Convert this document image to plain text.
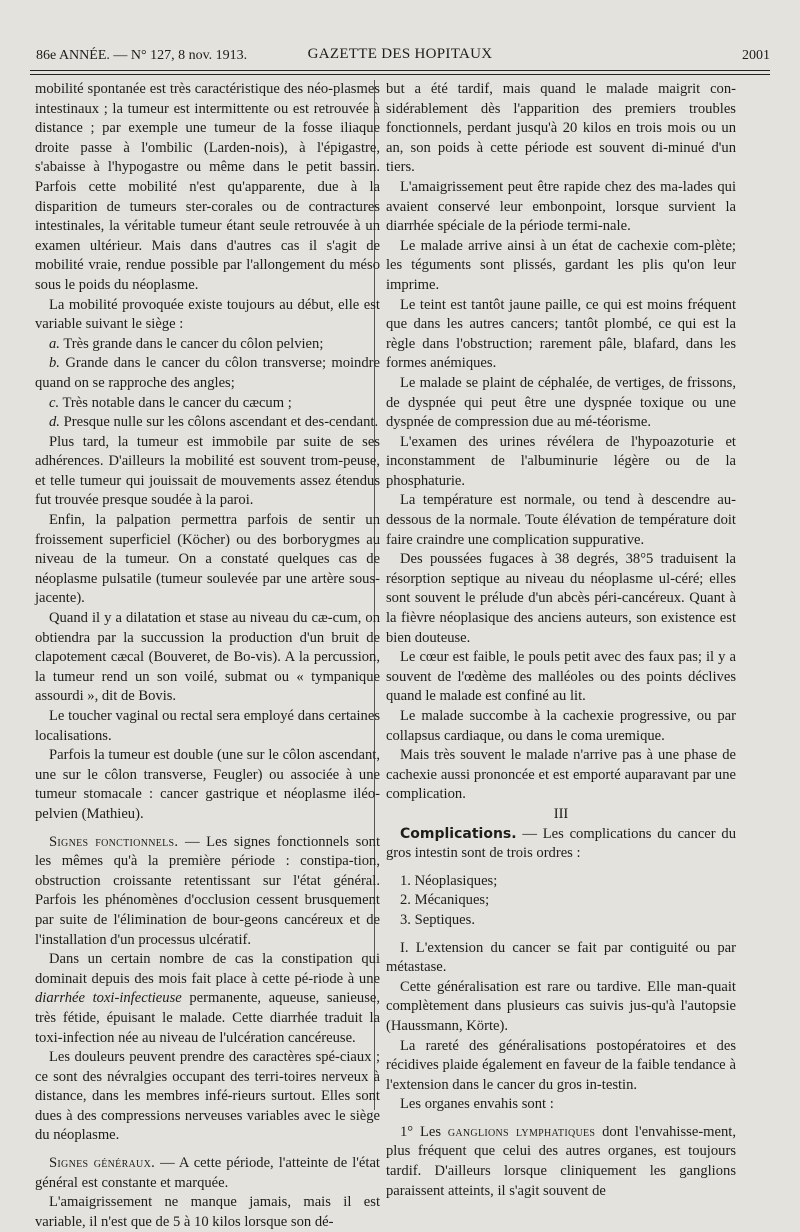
86e ANNÉE. — N° 127, 8 nov. 1913.	GAZETTE DES HOPITAUX	2001

mobilité spontanée est très caractéristique des néo-plasmes intestinaux ; la tumeur est intermittente ou est retrouvée à distance ; par exemple une tumeur de la fosse iliaque droite passe à l'ombilic (Larden-nois), à l'épigastre, s'abaisse à l'hypogastre ou même dans le petit bassin. Parfois cette mobilité n'est qu'apparente, due à la disparition de tumeurs ster-corales ou de contractures intestinales, la véritable tumeur étant seule retrouvée à un examen ultérieur. Mais dans d'autres cas il s'agit de mobilité vraie, rendue possible par l'allongement du méso sous le poids du néoplasme.

La mobilité provoquée existe toujours au début, elle est variable suivant le siège :

a. Très grande dans le cancer du côlon pelvien;

b. Grande dans le cancer du côlon transverse; moindre quand on se rapproche des angles;

c. Très notable dans le cancer du cæcum ;

d. Presque nulle sur les côlons ascendant et des-cendant.

Plus tard, la tumeur est immobile par suite de ses adhérences. D'ailleurs la mobilité est souvent trom-peuse, et telle tumeur qui jouissait de mouvements assez étendus fut trouvée presque soudée à la paroi.

Enfin, la palpation permettra parfois de sentir un froissement superficiel (Köcher) ou des borborygmes au niveau de la tumeur. On a constaté quelques cas de néoplasme pulsatile (tumeur soulevée par une artère sous-jacente).

Quand il y a dilatation et stase au niveau du cæ-cum, on obtiendra par la succussion la production d'un bruit de clapotement cæcal (Bouveret, de Bo-vis). A la percussion, la tumeur rend un son voilé, submat ou « tympanique assourdi », dit de Bovis.

Le toucher vaginal ou rectal sera employé dans certaines localisations.

Parfois la tumeur est double (une sur le côlon ascendant, une sur le côlon transverse, Feugler) ou associée à une tumeur stomacale : cancer gastrique et néoplasme iléo-pelvien (Mathieu).

Signes fonctionnels. — Les signes fonctionnels sont les mêmes qu'à la première période : constipa-tion, obstruction croissante retentissant sur l'état général. Parfois les phénomènes d'occlusion cessent brusquement par suite de l'élimination de bour-geons cancéreux et de l'installation d'un processus ulcératif.

Dans un certain nombre de cas la constipation qui dominait depuis des mois fait place à cette pé-riode à une diarrhée toxi-infectieuse permanente, aqueuse, sanieuse, très fétide, épuisant le malade. Cette diarrhée traduit la toxi-infection née au niveau de l'ulcération cancéreuse.

Les douleurs peuvent prendre des caractères spé-ciaux ; ce sont des névralgies occupant des terri-toires nerveux à distance, dans les membres infé-rieurs surtout. Elles sont dues à des compressions nerveuses variables avec le siège du néoplasme.

Signes généraux. — A cette période, l'atteinte de l'état général est constante et marquée.

L'amaigrissement ne manque jamais, mais il est variable, il n'est que de 5 à 10 kilos lorsque son dé-

but a été tardif, mais quand le malade maigrit con-sidérablement dès l'apparition des premiers troubles fonctionnels, perdant jusqu'à 20 kilos en trois mois ou un an, son poids à cette période est souvent di-minué d'un tiers.

L'amaigrissement peut être rapide chez des ma-lades qui avaient conservé leur embonpoint, lorsque survient la diarrhée spéciale de la période termi-nale.

Le malade arrive ainsi à un état de cachexie com-plète; les téguments sont plissés, gardant les plis qu'on leur imprime.

Le teint est tantôt jaune paille, ce qui est moins fréquent que dans les autres cancers; tantôt plombé, ce qui est la règle dans l'obstruction; rarement pâle, blafard, dans les formes anémiques.

Le malade se plaint de céphalée, de vertiges, de frissons, de dyspnée qui peut être une dyspnée toxique ou une dyspnée de compression due au mé-téorisme.

L'examen des urines révélera de l'hypoazoturie et inconstamment de l'albuminurie légère ou de la phosphaturie.

La température est normale, ou tend à descendre au-dessous de la normale. Toute élévation de température doit faire craindre une complication suppurative.

Des poussées fugaces à 38 degrés, 38°5 traduisent la résorption septique au niveau du néoplasme ul-céré; elles sont souvent le prélude d'un abcès péri-cancéreux. Quant à la fièvre néoplasique des anciens auteurs, son existence est bien douteuse.

Le cœur est faible, le pouls petit avec des faux pas; il y a souvent de l'œdème des malléoles ou des points déclives quand le malade est confiné au lit.

Le malade succombe à la cachexie progressive, ou par collapsus cardiaque, ou dans le coma uremique.

Mais très souvent le malade n'arrive pas à une phase de cachexie aussi prononcée et est emporté auparavant par une complication.

III

Complications. — Les complications du cancer du gros intestin sont de trois ordres :

1. Néoplasiques;
2. Mécaniques;
3. Septiques.

I. L'extension du cancer se fait par contiguité ou par métastase.

Cette généralisation est rare ou tardive. Elle man-quait complètement dans plusieurs cas suivis jus-qu'à l'autopsie (Haussmann, Körte).

La rareté des généralisations postopératoires et des récidives plaide également en faveur de la faible tendance à l'extension dans le cancer du gros in-testin.

Les organes envahis sont :

1° Les ganglions lymphatiques dont l'envahisse-ment, plus fréquent que celui des autres organes, est toujours tardif. D'ailleurs lorsque cliniquement les ganglions paraissent atteints, il s'agit souvent de
